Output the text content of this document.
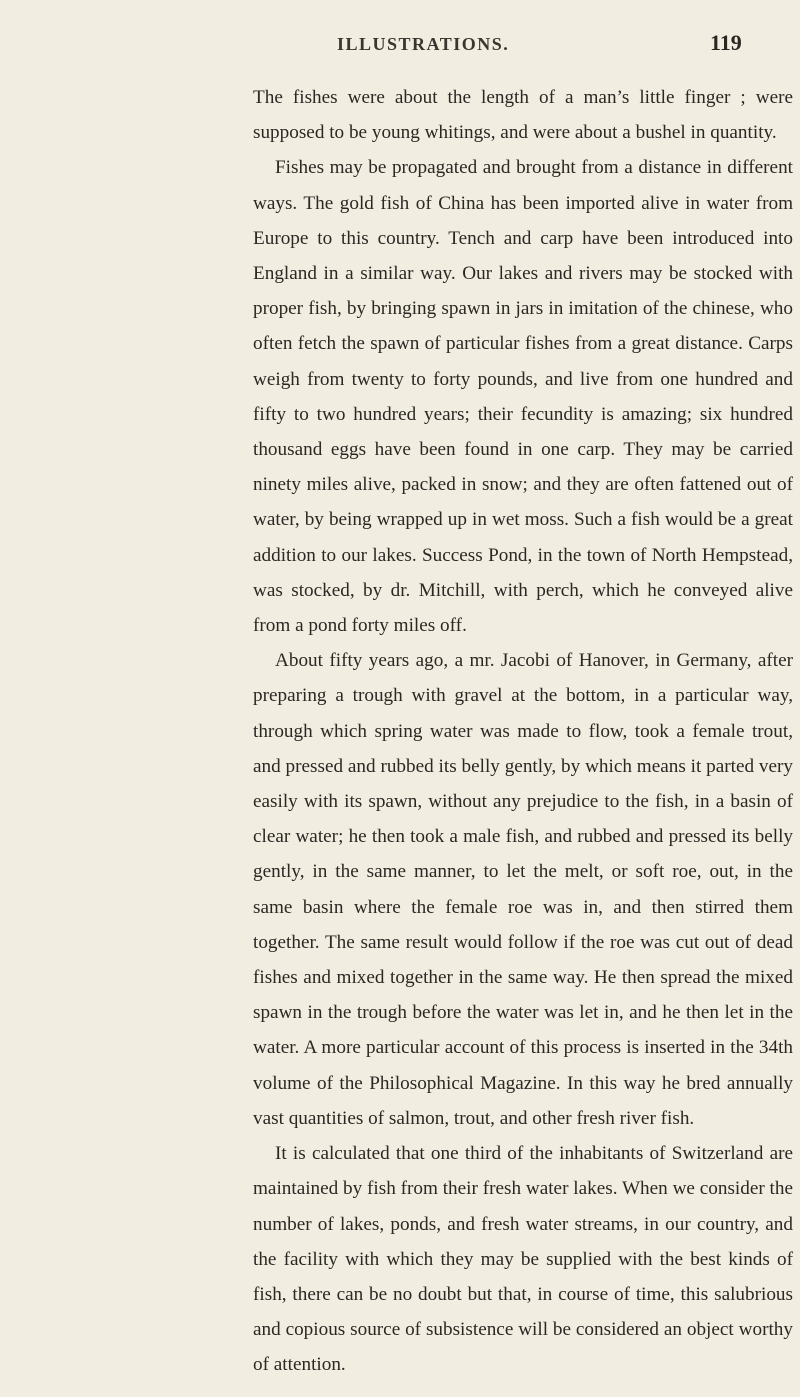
ILLUSTRATIONS.	119

The fishes were about the length of a man’s little finger ; were supposed to be young whitings, and were about a bushel in quantity.

Fishes may be propagated and brought from a distance in different ways. The gold fish of China has been imported alive in water from Europe to this country. Tench and carp have been introduced into England in a similar way. Our lakes and rivers may be stocked with proper fish, by bringing spawn in jars in imitation of the chinese, who often fetch the spawn of particular fishes from a great distance. Carps weigh from twenty to forty pounds, and live from one hundred and fifty to two hundred years; their fecundity is amazing; six hundred thousand eggs have been found in one carp. They may be carried ninety miles alive, packed in snow; and they are often fattened out of water, by being wrapped up in wet moss. Such a fish would be a great addition to our lakes. Success Pond, in the town of North Hempstead, was stocked, by dr. Mitchill, with perch, which he conveyed alive from a pond forty miles off.

About fifty years ago, a mr. Jacobi of Hanover, in Germany, after preparing a trough with gravel at the bottom, in a particular way, through which spring water was made to flow, took a female trout, and pressed and rubbed its belly gently, by which means it parted very easily with its spawn, without any prejudice to the fish, in a basin of clear water; he then took a male fish, and rubbed and pressed its belly gently, in the same manner, to let the melt, or soft roe, out, in the same basin where the female roe was in, and then stirred them together. The same result would follow if the roe was cut out of dead fishes and mixed together in the same way. He then spread the mixed spawn in the trough before the water was let in, and he then let in the water. A more particular account of this process is inserted in the 34th volume of the Philosophical Magazine. In this way he bred annually vast quantities of salmon, trout, and other fresh river fish.

It is calculated that one third of the inhabitants of Switzerland are maintained by fish from their fresh water lakes. When we consider the number of lakes, ponds, and fresh water streams, in our country, and the facility with which they may be supplied with the best kinds of fish, there can be no doubt but that, in course of time, this salubrious and copious source of subsistence will be considered an object worthy of attention.
